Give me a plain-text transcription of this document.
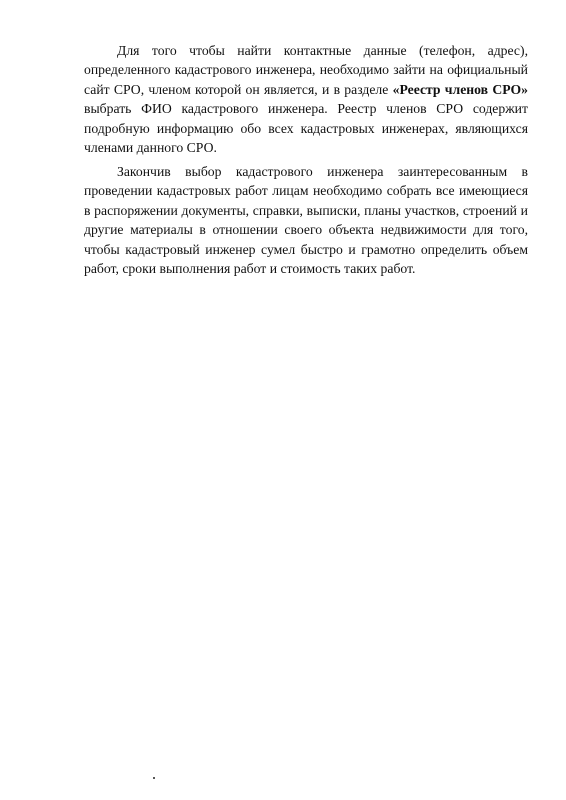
Для того чтобы найти контактные данные (телефон, адрес), определенного кадастрового инженера, необходимо зайти на официальный сайт СРО, членом которой он является, и в разделе «Реестр членов СРО» выбрать ФИО кадастрового инженера. Реестр членов СРО содержит подробную информацию обо всех кадастровых инженерах, являющихся членами данного СРО.

Закончив выбор кадастрового инженера заинтересованным в проведении кадастровых работ лицам необходимо собрать все имеющиеся в распоряжении документы, справки, выписки, планы участков, строений и другие материалы в отношении своего объекта недвижимости для того, чтобы кадастровый инженер сумел быстро и грамотно определить объем работ, сроки выполнения работ и стоимость таких работ.
